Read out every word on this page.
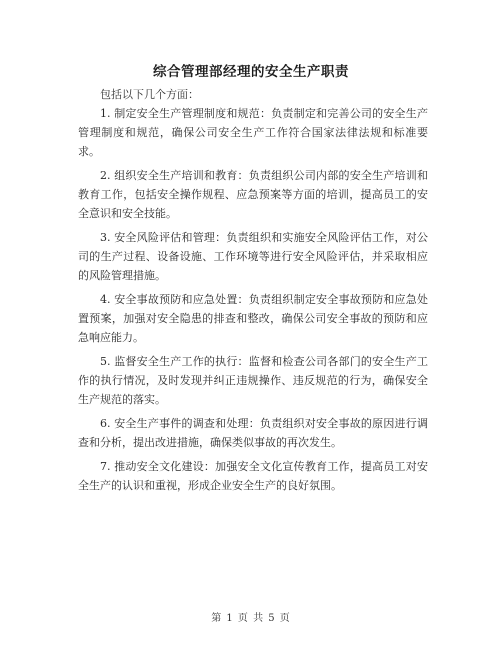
综合管理部经理的安全生产职责
包括以下几个方面：

1. 制定安全生产管理制度和规范：负责制定和完善公司的安全生产管理制度和规范，确保公司安全生产工作符合国家法律法规和标准要求。

2. 组织安全生产培训和教育：负责组织公司内部的安全生产培训和教育工作，包括安全操作规程、应急预案等方面的培训，提高员工的安全意识和安全技能。

3. 安全风险评估和管理：负责组织和实施安全风险评估工作，对公司的生产过程、设备设施、工作环境等进行安全风险评估，并采取相应的风险管理措施。

4. 安全事故预防和应急处置：负责组织制定安全事故预防和应急处置预案，加强对安全隐患的排查和整改，确保公司安全事故的预防和应急响应能力。

5. 监督安全生产工作的执行：监督和检查公司各部门的安全生产工作的执行情况，及时发现并纠正违规操作、违反规范的行为，确保安全生产规范的落实。

6. 安全生产事件的调查和处理：负责组织对安全事故的原因进行调查和分析，提出改进措施，确保类似事故的再次发生。

7. 推动安全文化建设：加强安全文化宣传教育工作，提高员工对安全生产的认识和重视，形成企业安全生产的良好氛围。

第 1 页 共 5 页
